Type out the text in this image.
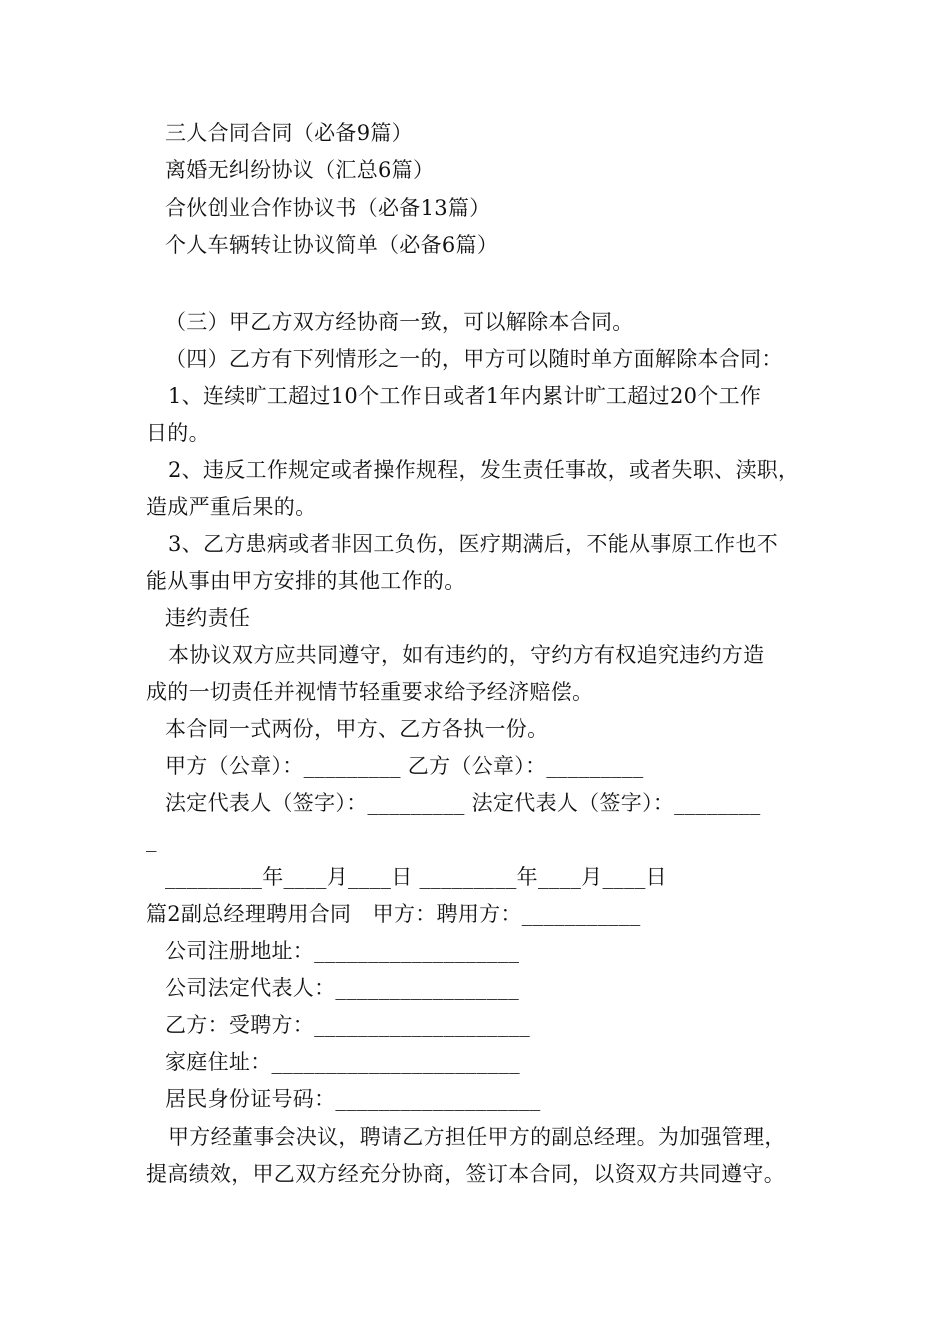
三人合同合同（必备9篇）
离婚无纠纷协议（汇总6篇）
合伙创业合作协议书（必备13篇）
个人车辆转让协议简单（必备6篇）
（三）甲乙方双方经协商一致，可以解除本合同。
（四）乙方有下列情形之一的，甲方可以随时单方面解除本合同：
1、连续旷工超过10个工作日或者1年内累计旷工超过20个工作
日的。
2、违反工作规定或者操作规程，发生责任事故，或者失职、渎职，
造成严重后果的。
3、乙方患病或者非因工负伤，医疗期满后，不能从事原工作也不
能从事由甲方安排的其他工作的。
违约责任
本协议双方应共同遵守，如有违约的，守约方有权追究违约方造
成的一切责任并视情节轻重要求给予经济赔偿。
本合同一式两份，甲方、乙方各执一份。
甲方（公章）：_________ 乙方（公章）：_________
法定代表人（签字）：_________ 法定代表人（签字）：________
_
_________年____月____日 _________年____月____日
篇2副总经理聘用合同　甲方：聘用方：___________
公司注册地址：___________________
公司法定代表人：_________________
乙方：受聘方：____________________
家庭住址：_______________________
居民身份证号码：___________________
甲方经董事会决议，聘请乙方担任甲方的副总经理。为加强管理，
提高绩效，甲乙双方经充分协商，签订本合同，以资双方共同遵守。
